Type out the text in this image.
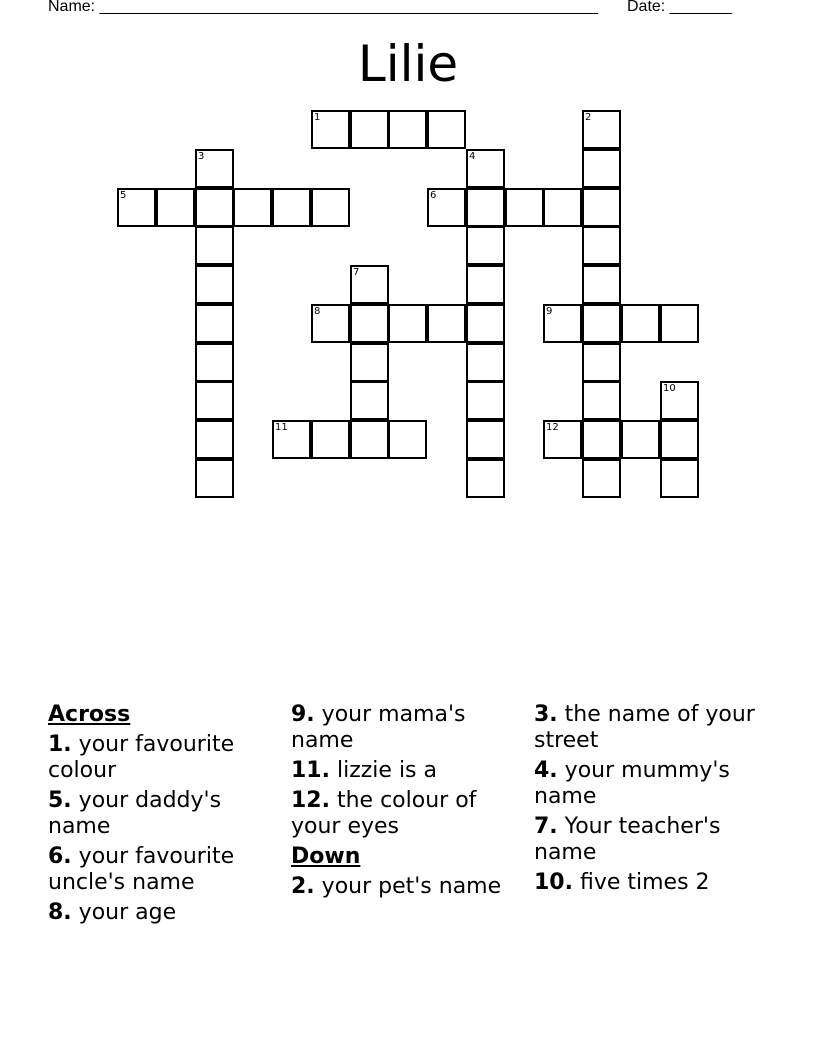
Name: ________________________________________________________ Date: _______
Lilie
1	2
3	4
5	6
7
8	9
10
11	12
Across
1. your favourite colour
5. your daddy's name
6. your favourite uncle's name
8. your age
9. your mama's name
11. lizzie is a
12. the colour of your eyes
Down
2. your pet's name
3. the name of your street
4. your mummy's name
7. Your teacher's name
10. five times 2
